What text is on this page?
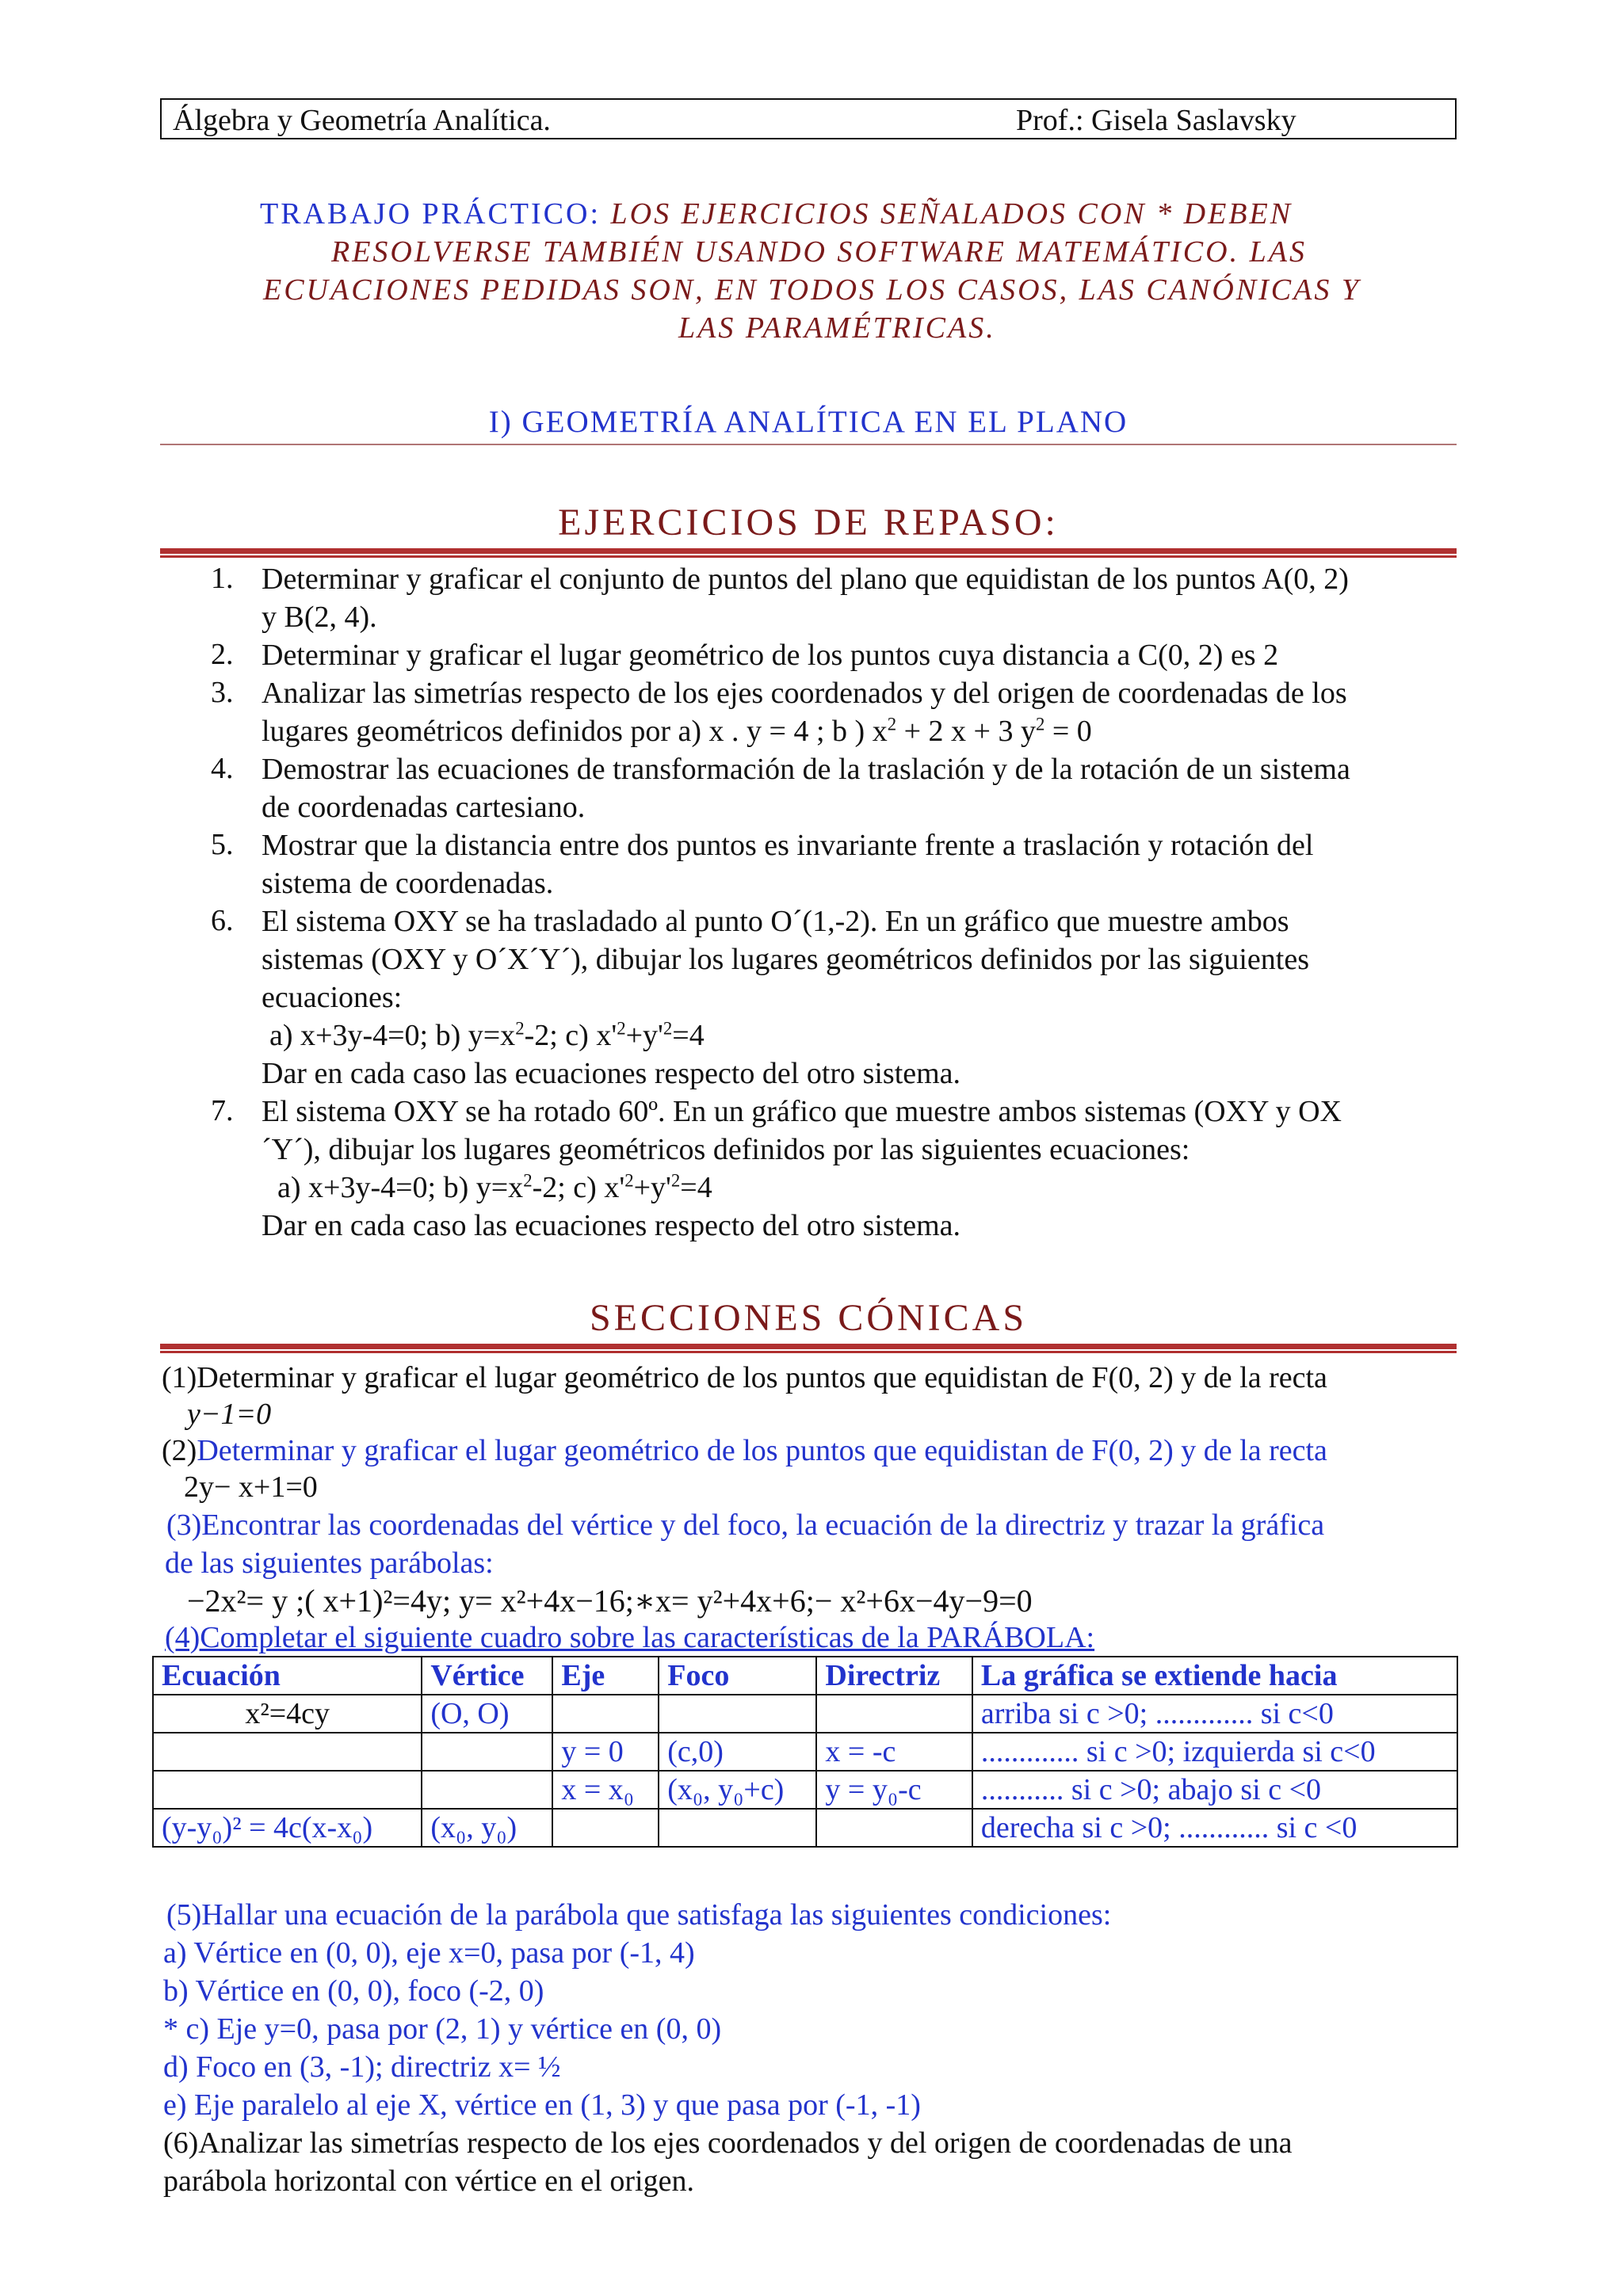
Álgebra y Geometría Analítica.	Prof.: Gisela Saslavsky
TRABAJO PRÁCTICO: LOS EJERCICIOS SEÑALADOS CON * DEBEN
RESOLVERSE TAMBIÉN USANDO SOFTWARE MATEMÁTICO. LAS
ECUACIONES PEDIDAS SON, EN TODOS LOS CASOS, LAS CANÓNICAS Y
LAS PARAMÉTRICAS.
I) GEOMETRÍA ANALÍTICA EN EL PLANO
EJERCICIOS DE REPASO:
1. Determinar y graficar el conjunto de puntos del plano que equidistan de los puntos A(0, 2)
y B(2, 4).
2. Determinar y graficar el lugar geométrico de los puntos cuya distancia a C(0, 2) es 2
3. Analizar las simetrías respecto de los ejes coordenados y del origen de coordenadas de los
lugares geométricos definidos por a) x . y = 4 ; b ) $x^2 + 2$ x + 3 $y^2 = 0$
4. Demostrar las ecuaciones de transformación de la traslación y de la rotación de un sistema
de coordenadas cartesiano.
5. Mostrar que la distancia entre dos puntos es invariante frente a traslación y rotación del
sistema de coordenadas.
6. El sistema OXY se ha trasladado al punto O´(1,-2). En un gráfico que muestre ambos
sistemas (OXY y O´X´Y´), dibujar los lugares geométricos definidos por las siguientes
ecuaciones:
a) x+3y-4=0; b) $y=x^2-2$; c) $x'^2+y'^2=4$
Dar en cada caso las ecuaciones respecto del otro sistema.
7. El sistema OXY se ha rotado 60º. En un gráfico que muestre ambos sistemas (OXY y OX
´Y´), dibujar los lugares geométricos definidos por las siguientes ecuaciones:
a) x+3y-4=0; b) $y=x^2-2$; c) $x'^2+y'^2=4$
Dar en cada caso las ecuaciones respecto del otro sistema.
SECCIONES CÓNICAS
(1)Determinar y graficar el lugar geométrico de los puntos que equidistan de F(0, 2) y de la recta
y−1=0
(2)Determinar y graficar el lugar geométrico de los puntos que equidistan de F(0, 2) y de la recta
2y− x+1=0
(3)Encontrar las coordenadas del vértice y del foco, la ecuación de la directriz y trazar la gráfica
de las siguientes parábolas:
−2x²= y ;( x+1)²=4y; y= x²+4x−16;∗x= y²+4x+6;− x²+6x−4y−9=0
(4)Completar el siguiente cuadro sobre las características de la PARÁBOLA:
Ecuación	Vértice	Eje	Foco	Directriz	La gráfica se extiende hacia
x²=4cy	(O, O)				arriba si c >0; ............. si c<0
		y = 0	(c,0)	x = -c	............. si c >0; izquierda si c<0
		x = x₀	(x₀, y₀+c)	y = y₀-c	........... si c >0; abajo si c <0
(y-y₀)² = 4c(x-x₀)	(x₀, y₀)				derecha si c >0; ............ si c <0
(5)Hallar una ecuación de la parábola que satisfaga las siguientes condiciones:
a) Vértice en (0, 0), eje x=0, pasa por (-1, 4)
b) Vértice en (0, 0), foco (-2, 0)
* c) Eje y=0, pasa por (2, 1) y vértice en (0, 0)
d) Foco en (3, -1); directriz x= ½
e) Eje paralelo al eje X, vértice en (1, 3) y que pasa por (-1, -1)
(6)Analizar las simetrías respecto de los ejes coordenados y del origen de coordenadas de una
parábola horizontal con vértice en el origen.
